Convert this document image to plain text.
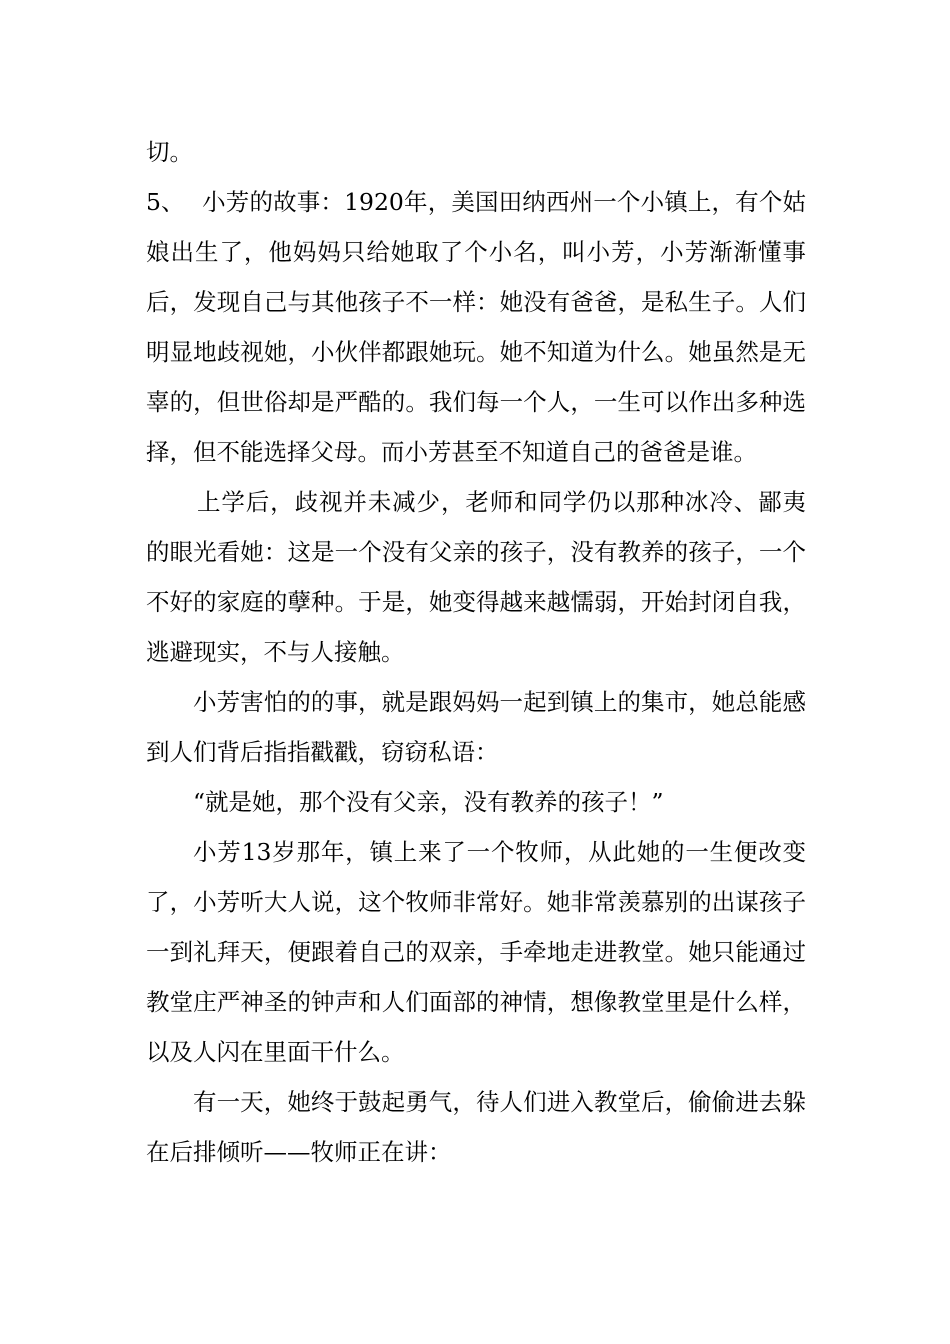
切。

5、 小芳的故事：1920年，美国田纳西州一个小镇上，有个姑娘出生了，他妈妈只给她取了个小名，叫小芳，小芳渐渐懂事后，发现自己与其他孩子不一样：她没有爸爸，是私生子。人们明显地歧视她，小伙伴都跟她玩。她不知道为什么。她虽然是无辜的，但世俗却是严酷的。我们每一个人，一生可以作出多种选择，但不能选择父母。而小芳甚至不知道自己的爸爸是谁。

上学后，歧视并未减少，老师和同学仍以那种冰冷、鄙夷的眼光看她：这是一个没有父亲的孩子，没有教养的孩子，一个不好的家庭的孽种。于是，她变得越来越懦弱，开始封闭自我，逃避现实，不与人接触。

小芳害怕的的事，就是跟妈妈一起到镇上的集市，她总能感到人们背后指指戳戳，窃窃私语：

“就是她，那个没有父亲，没有教养的孩子！”

小芳13岁那年，镇上来了一个牧师，从此她的一生便改变了，小芳听大人说，这个牧师非常好。她非常羡慕别的出谋孩子一到礼拜天，便跟着自己的双亲，手牵地走进教堂。她只能通过教堂庄严神圣的钟声和人们面部的神情，想像教堂里是什么样，以及人闪在里面干什么。

有一天，她终于鼓起勇气，待人们进入教堂后，偷偷进去躲在后排倾听——牧师正在讲：
